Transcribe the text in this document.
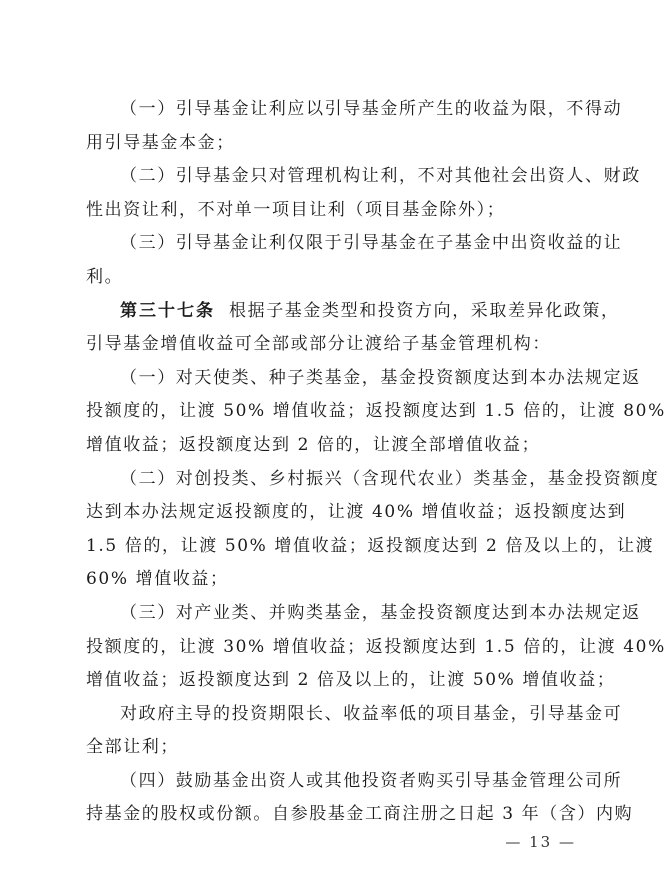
（一）引导基金让利应以引导基金所产生的收益为限，不得动
用引导基金本金；
（二）引导基金只对管理机构让利，不对其他社会出资人、财政
性出资让利，不对单一项目让利（项目基金除外）；
（三）引导基金让利仅限于引导基金在子基金中出资收益的让
利。
第三十七条 根据子基金类型和投资方向，采取差异化政策，
引导基金增值收益可全部或部分让渡给子基金管理机构：
（一）对天使类、种子类基金，基金投资额度达到本办法规定返
投额度的，让渡 50% 增值收益；返投额度达到 1.5 倍的，让渡 80%
增值收益；返投额度达到 2 倍的，让渡全部增值收益；
（二）对创投类、乡村振兴（含现代农业）类基金，基金投资额度
达到本办法规定返投额度的，让渡 40% 增值收益；返投额度达到
1.5 倍的，让渡 50% 增值收益；返投额度达到 2 倍及以上的，让渡
60% 增值收益；
（三）对产业类、并购类基金，基金投资额度达到本办法规定返
投额度的，让渡 30% 增值收益；返投额度达到 1.5 倍的，让渡 40%
增值收益；返投额度达到 2 倍及以上的，让渡 50% 增值收益；
对政府主导的投资期限长、收益率低的项目基金，引导基金可
全部让利；
（四）鼓励基金出资人或其他投资者购买引导基金管理公司所
持基金的股权或份额。自参股基金工商注册之日起 3 年（含）内购
— 13 —
